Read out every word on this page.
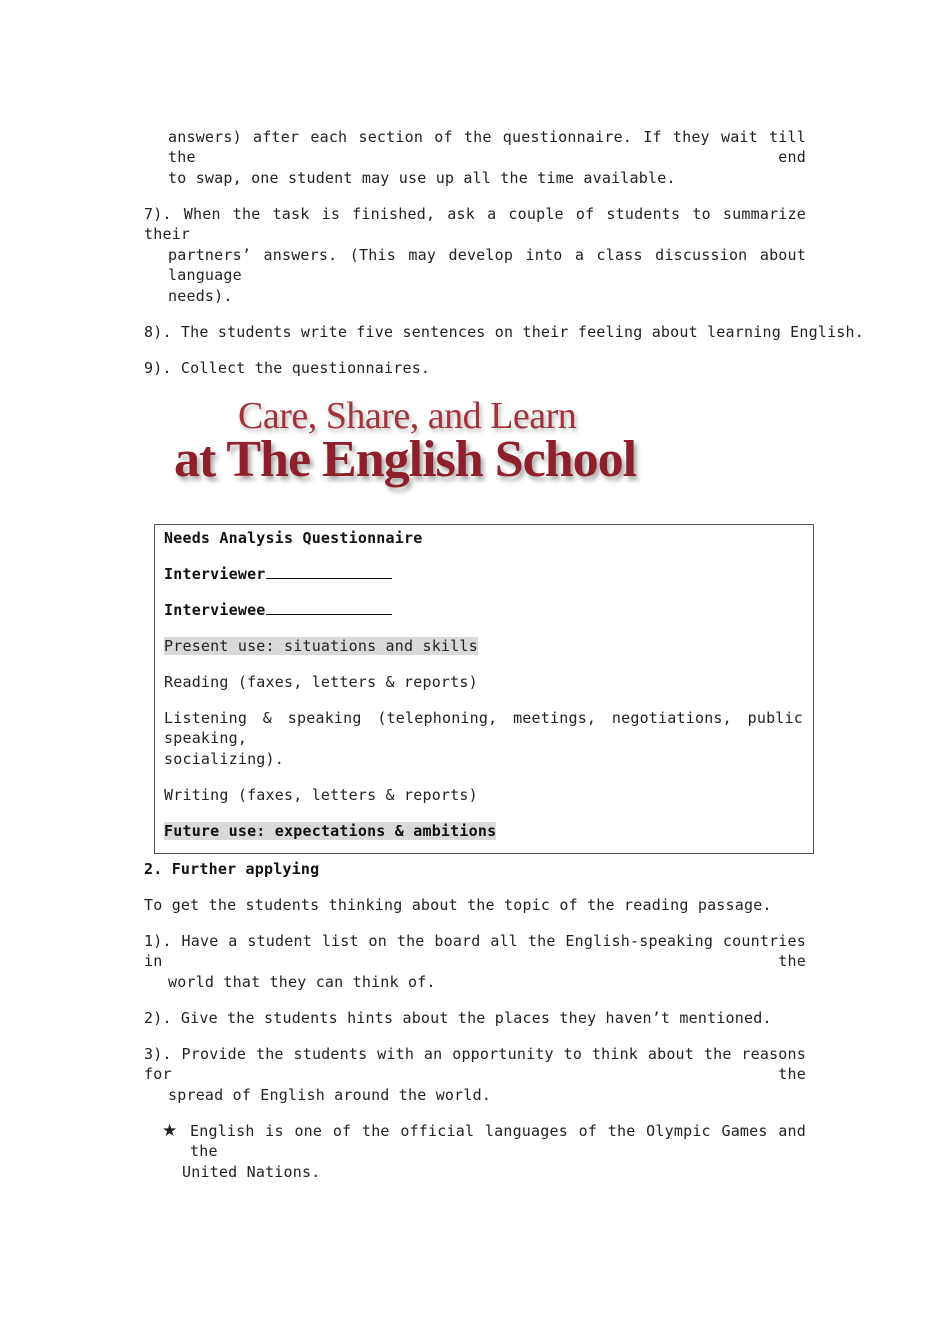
answers) after each section of the questionnaire. If they wait till the end
to swap, one student may use up all the time available.
7). When the task is finished, ask a couple of students to summarize their
partners’ answers. (This may develop into a class discussion about language
needs).
8). The students write five sentences on their feeling about learning English.
9). Collect the questionnaires.
Care, Share, and Learn
at The English School
Needs Analysis Questionnaire
Interviewer
Interviewee
Present use: situations and skills
Reading (faxes, letters & reports)
Listening & speaking (telephoning, meetings, negotiations, public speaking,
socializing).
Writing (faxes, letters & reports)
Future use: expectations & ambitions
2. Further applying
To get the students thinking about the topic of the reading passage.
1). Have a student list on the board all the English-speaking countries in the
world that they can think of.
2). Give the students hints about the places they haven’t mentioned.
3). Provide the students with an opportunity to think about the reasons for the
spread of English around the world.
★ English is one of the official languages of the Olympic Games and the
United Nations.
